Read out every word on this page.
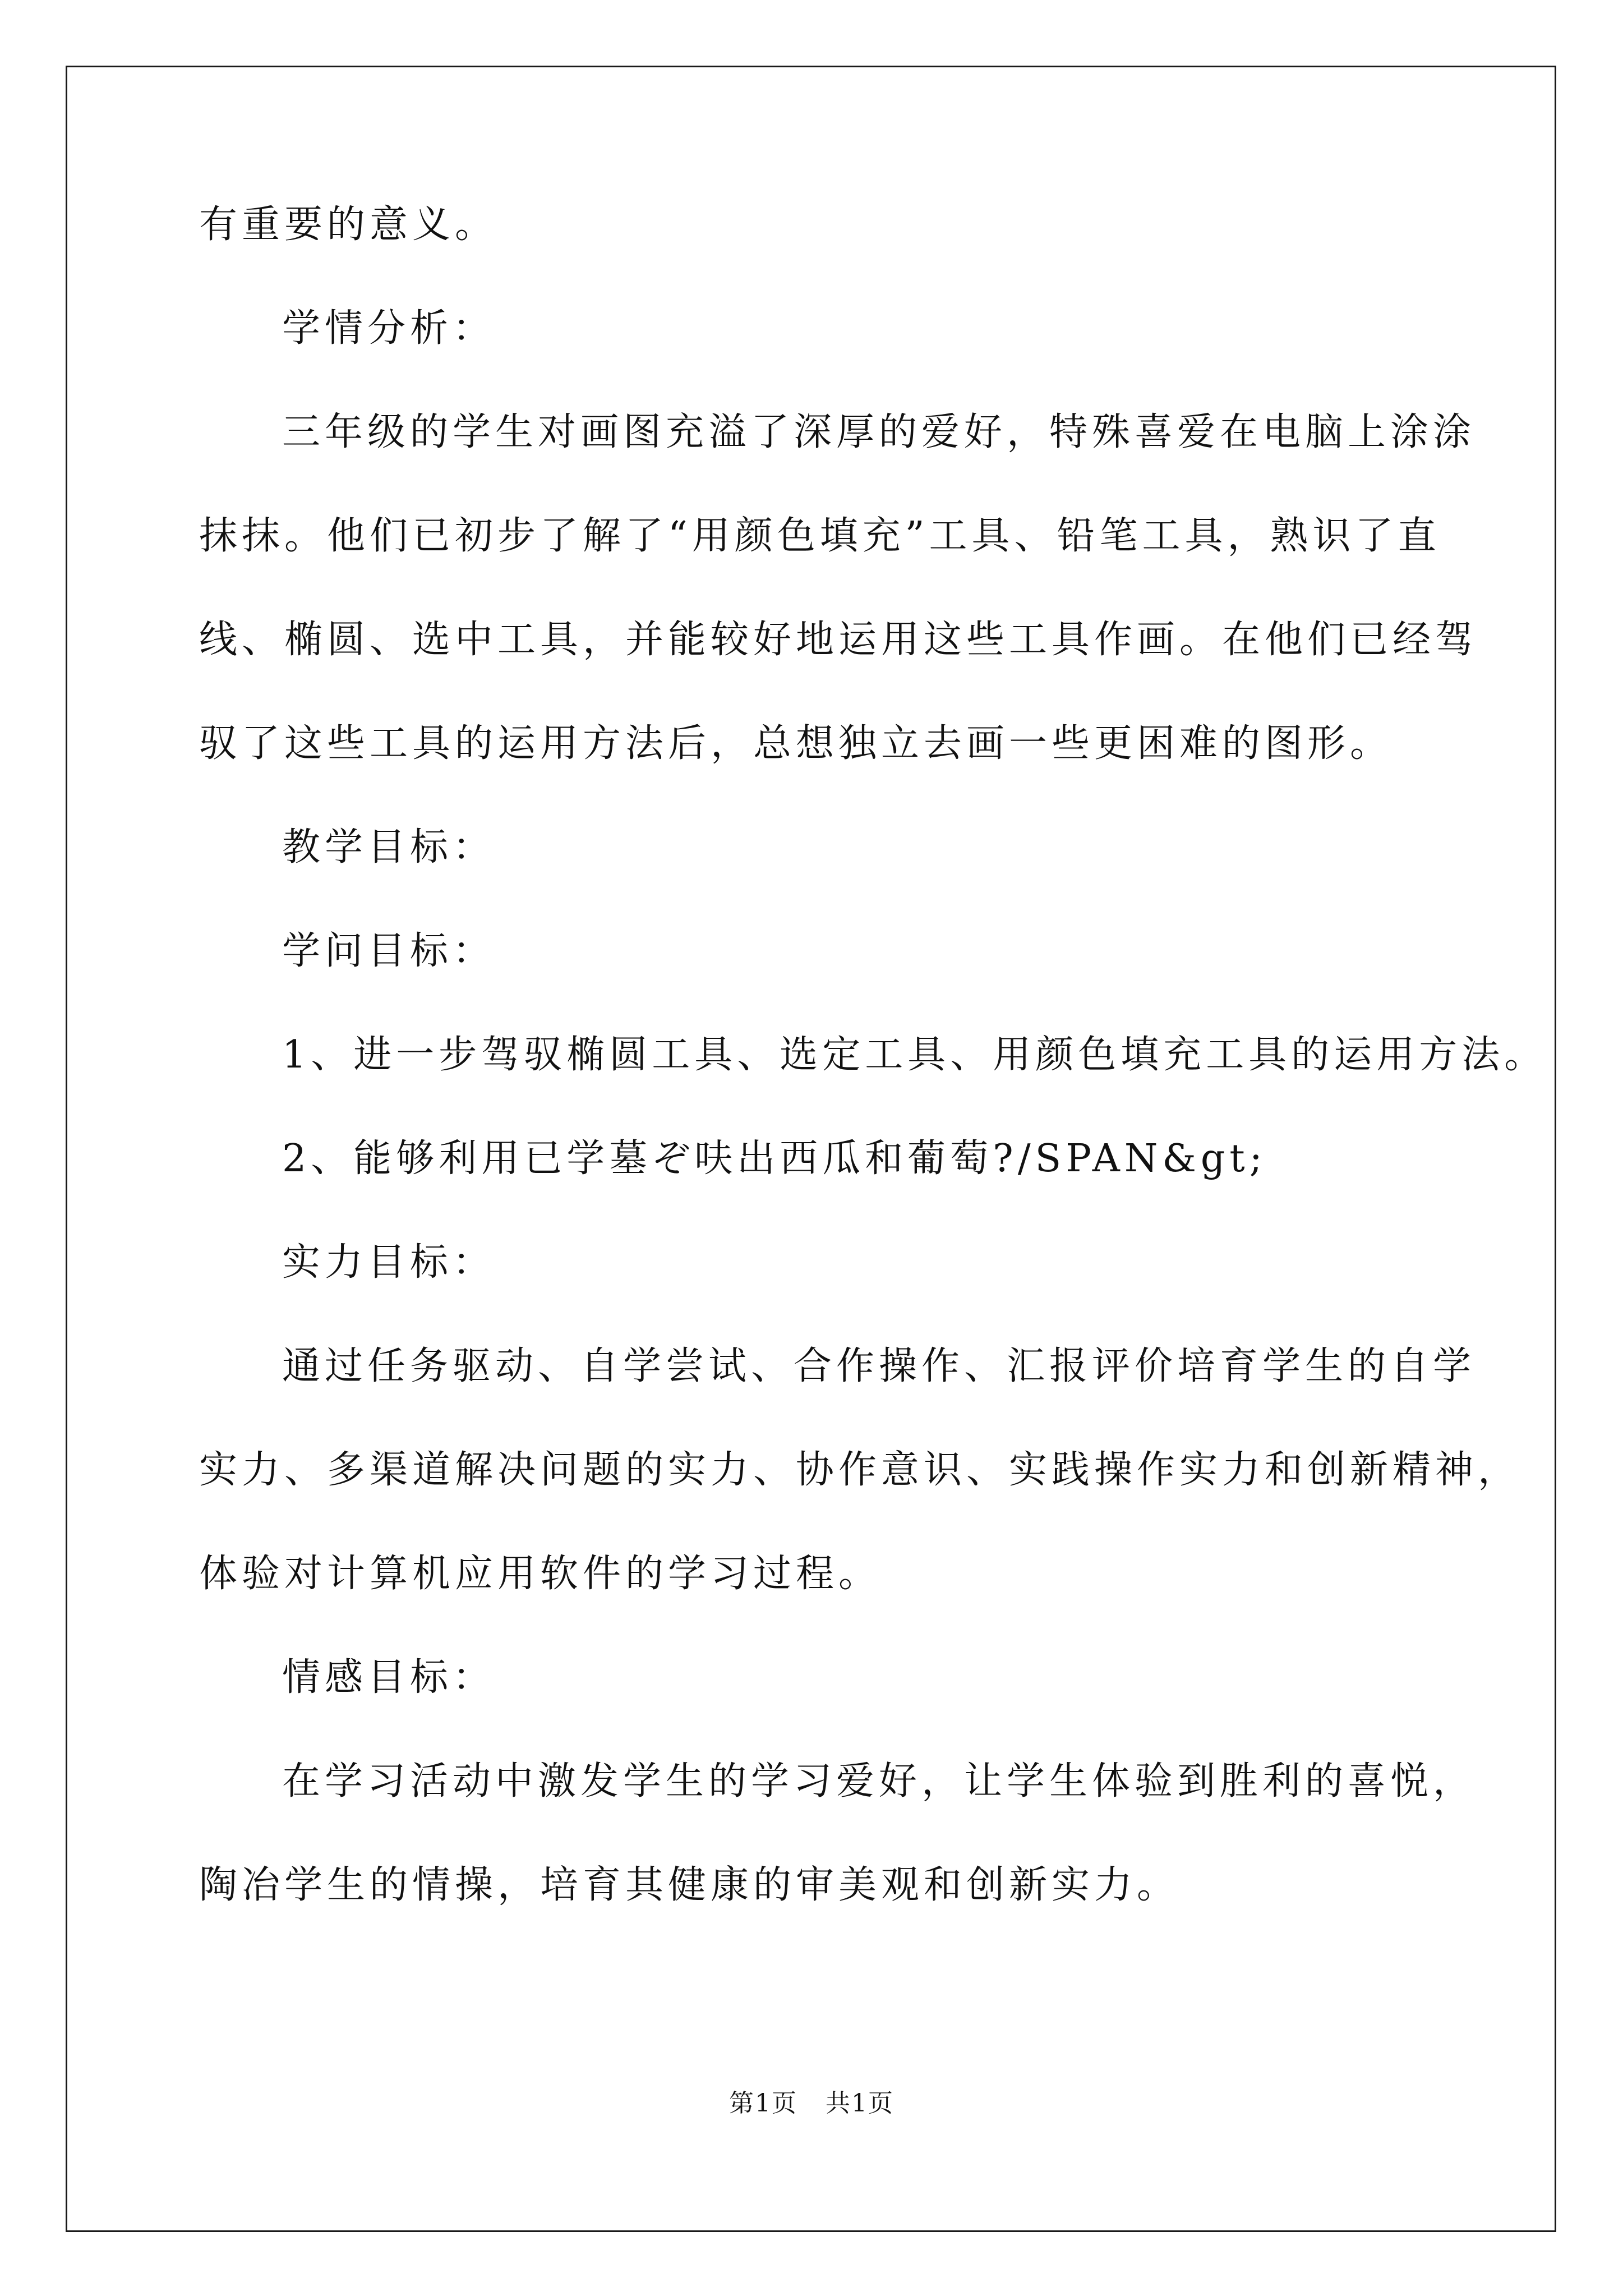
有重要的意义。
学情分析：
三年级的学生对画图充溢了深厚的爱好，特殊喜爱在电脑上涂涂
抹抹。他们已初步了解了“用颜色填充”工具、铅笔工具，熟识了直
线、椭圆、选中工具，并能较好地运用这些工具作画。在他们已经驾
驭了这些工具的运用方法后，总想独立去画一些更困难的图形。
教学目标：
学问目标：
1、进一步驾驭椭圆工具、选定工具、用颜色填充工具的运用方法。
2、能够利用已学墓ぞ呋出西瓜和葡萄?/SPAN&gt;
实力目标：
通过任务驱动、自学尝试、合作操作、汇报评价培育学生的自学
实力、多渠道解决问题的实力、协作意识、实践操作实力和创新精神，
体验对计算机应用软件的学习过程。
情感目标：
在学习活动中激发学生的学习爱好，让学生体验到胜利的喜悦，
陶冶学生的情操，培育其健康的审美观和创新实力。
第1页 共1页
